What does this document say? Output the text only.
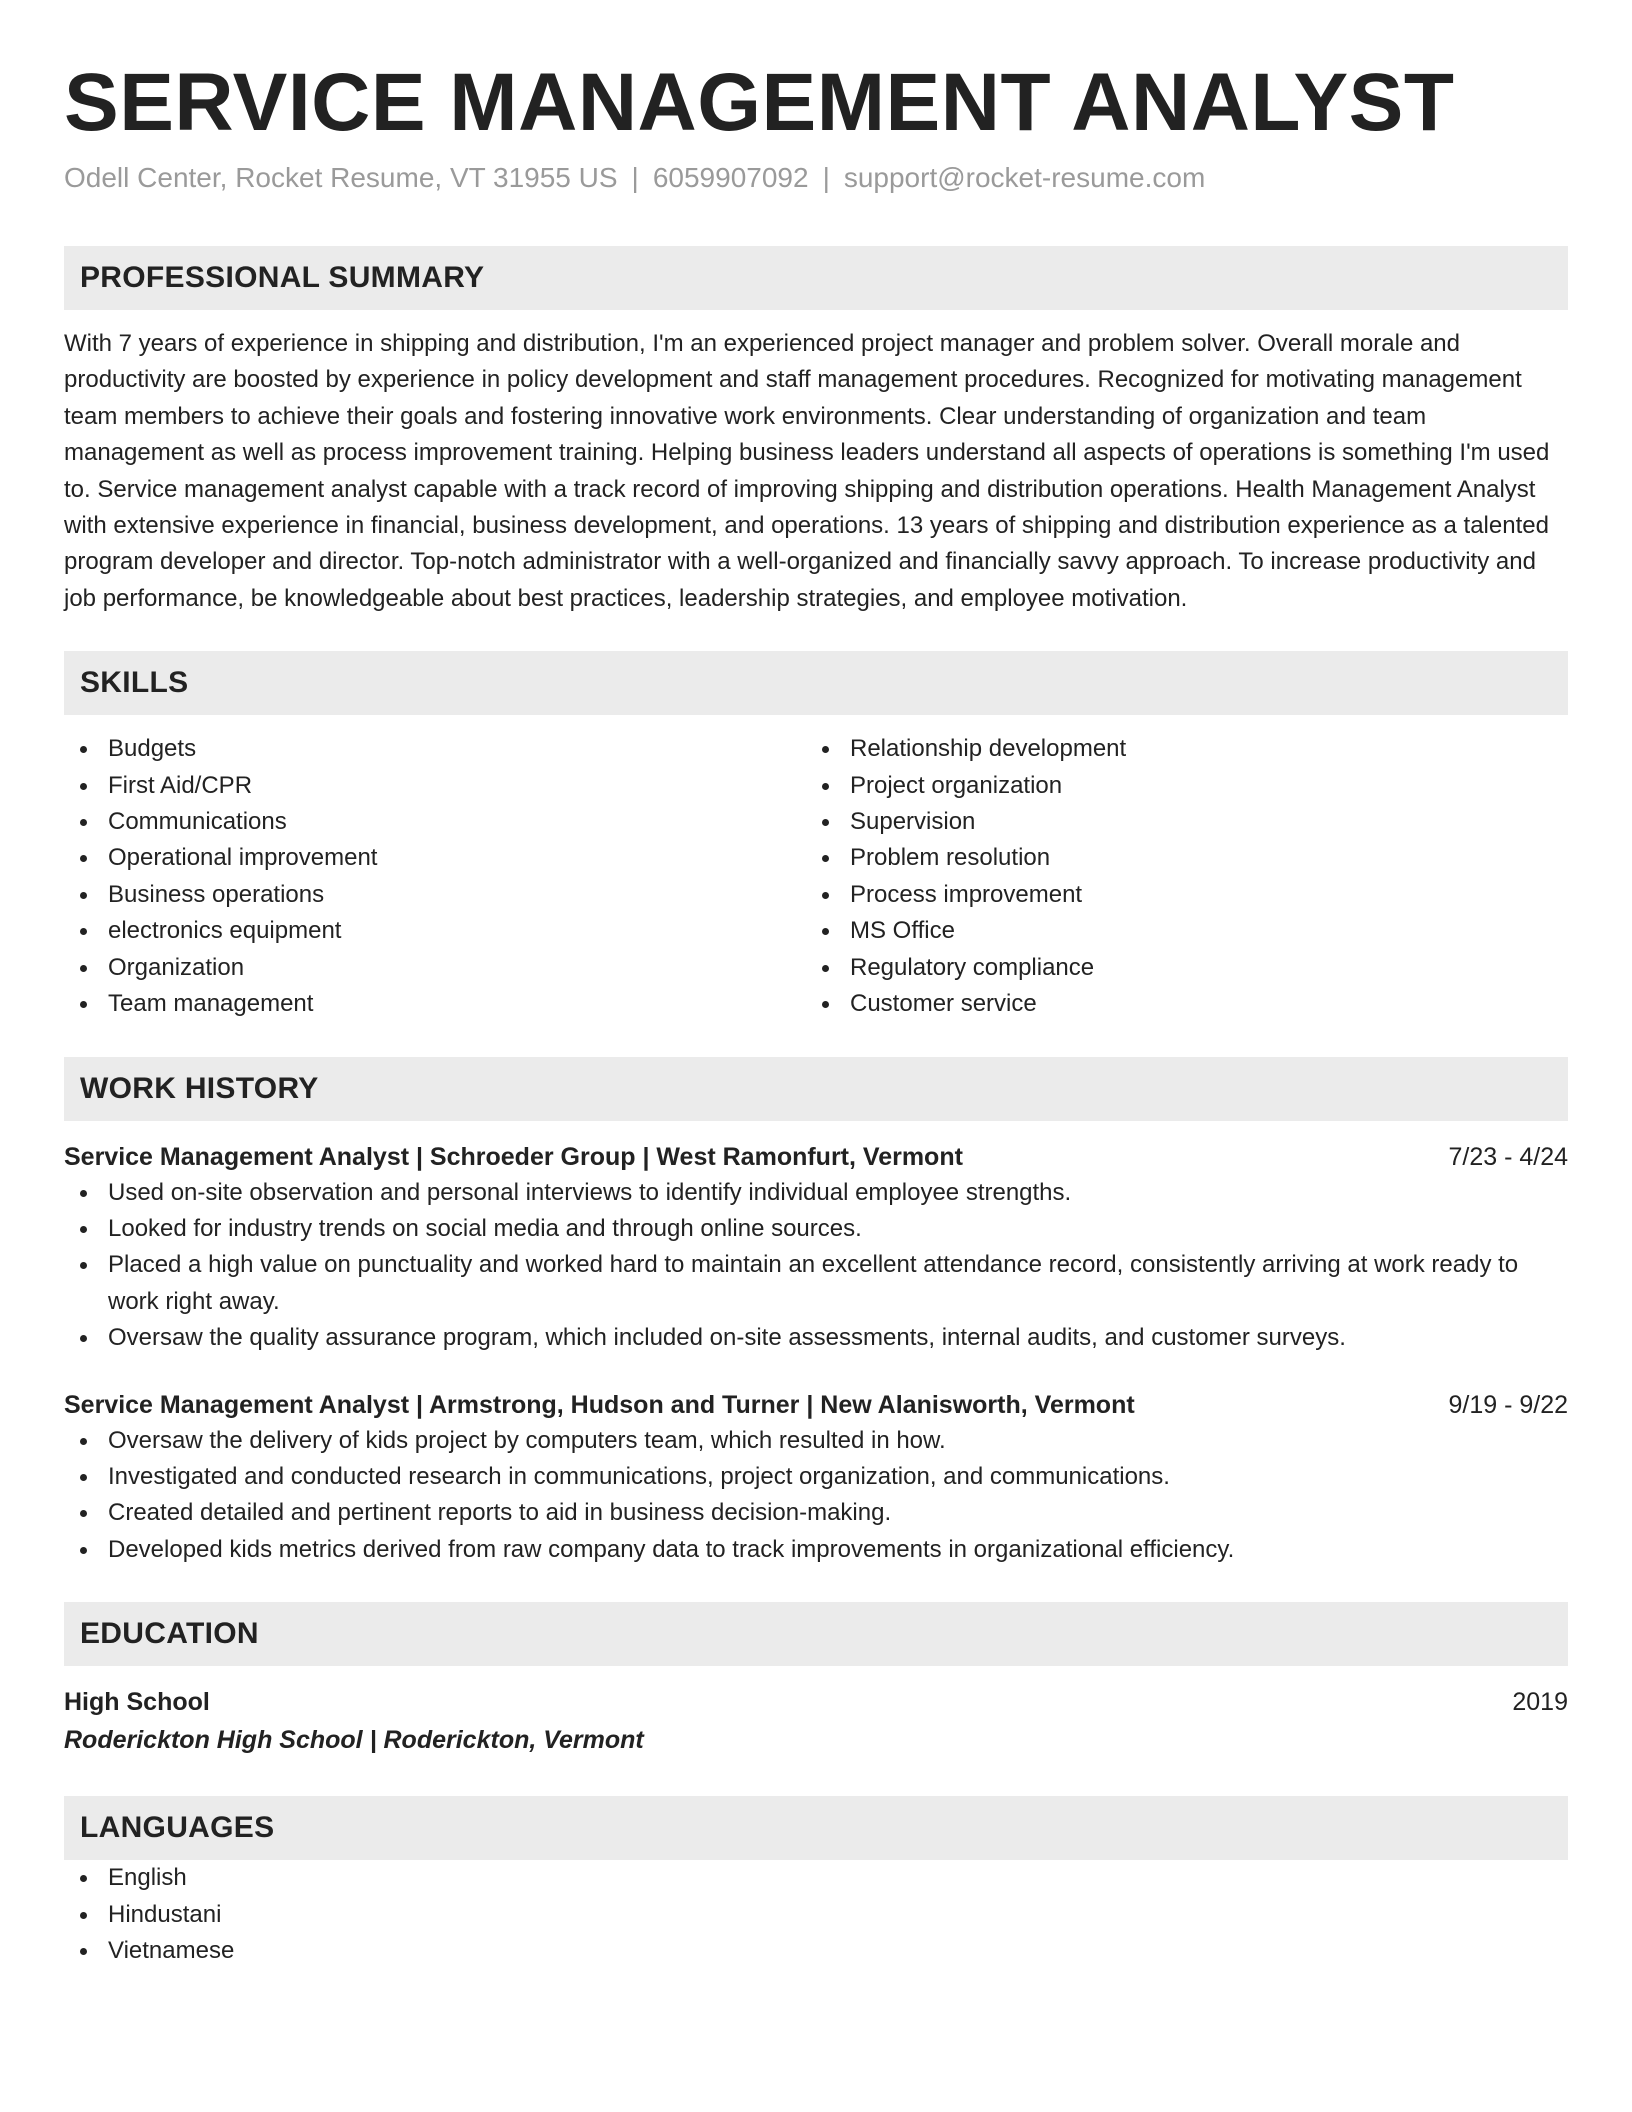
SERVICE MANAGEMENT ANALYST
Odell Center, Rocket Resume, VT 31955 US | 6059907092 | support@rocket-resume.com
PROFESSIONAL SUMMARY

With 7 years of experience in shipping and distribution, I'm an experienced project manager and problem solver. Overall morale and productivity are boosted by experience in policy development and staff management procedures. Recognized for motivating management team members to achieve their goals and fostering innovative work environments. Clear understanding of organization and team management as well as process improvement training. Helping business leaders understand all aspects of operations is something I'm used to. Service management analyst capable with a track record of improving shipping and distribution operations. Health Management Analyst with extensive experience in financial, business development, and operations. 13 years of shipping and distribution experience as a talented program developer and director. Top-notch administrator with a well-organized and financially savvy approach. To increase productivity and job performance, be knowledgeable about best practices, leadership strategies, and employee motivation.

SKILLS
Budgets
First Aid/CPR
Communications
Operational improvement
Business operations
electronics equipment
Organization
Team management
Relationship development
Project organization
Supervision
Problem resolution
Process improvement
MS Office
Regulatory compliance
Customer service
WORK HISTORY
Service Management Analyst | Schroeder Group | West Ramonfurt, Vermont	7/23 - 4/24
Used on-site observation and personal interviews to identify individual employee strengths.
Looked for industry trends on social media and through online sources.
Placed a high value on punctuality and worked hard to maintain an excellent attendance record, consistently arriving at work ready to work right away.
Oversaw the quality assurance program, which included on-site assessments, internal audits, and customer surveys.
Service Management Analyst | Armstrong, Hudson and Turner | New Alanisworth, Vermont	9/19 - 9/22
Oversaw the delivery of kids project by computers team, which resulted in how.
Investigated and conducted research in communications, project organization, and communications.
Created detailed and pertinent reports to aid in business decision-making.
Developed kids metrics derived from raw company data to track improvements in organizational efficiency.
EDUCATION
High School	2019
Roderickton High School | Roderickton, Vermont
LANGUAGES
English
Hindustani
Vietnamese
